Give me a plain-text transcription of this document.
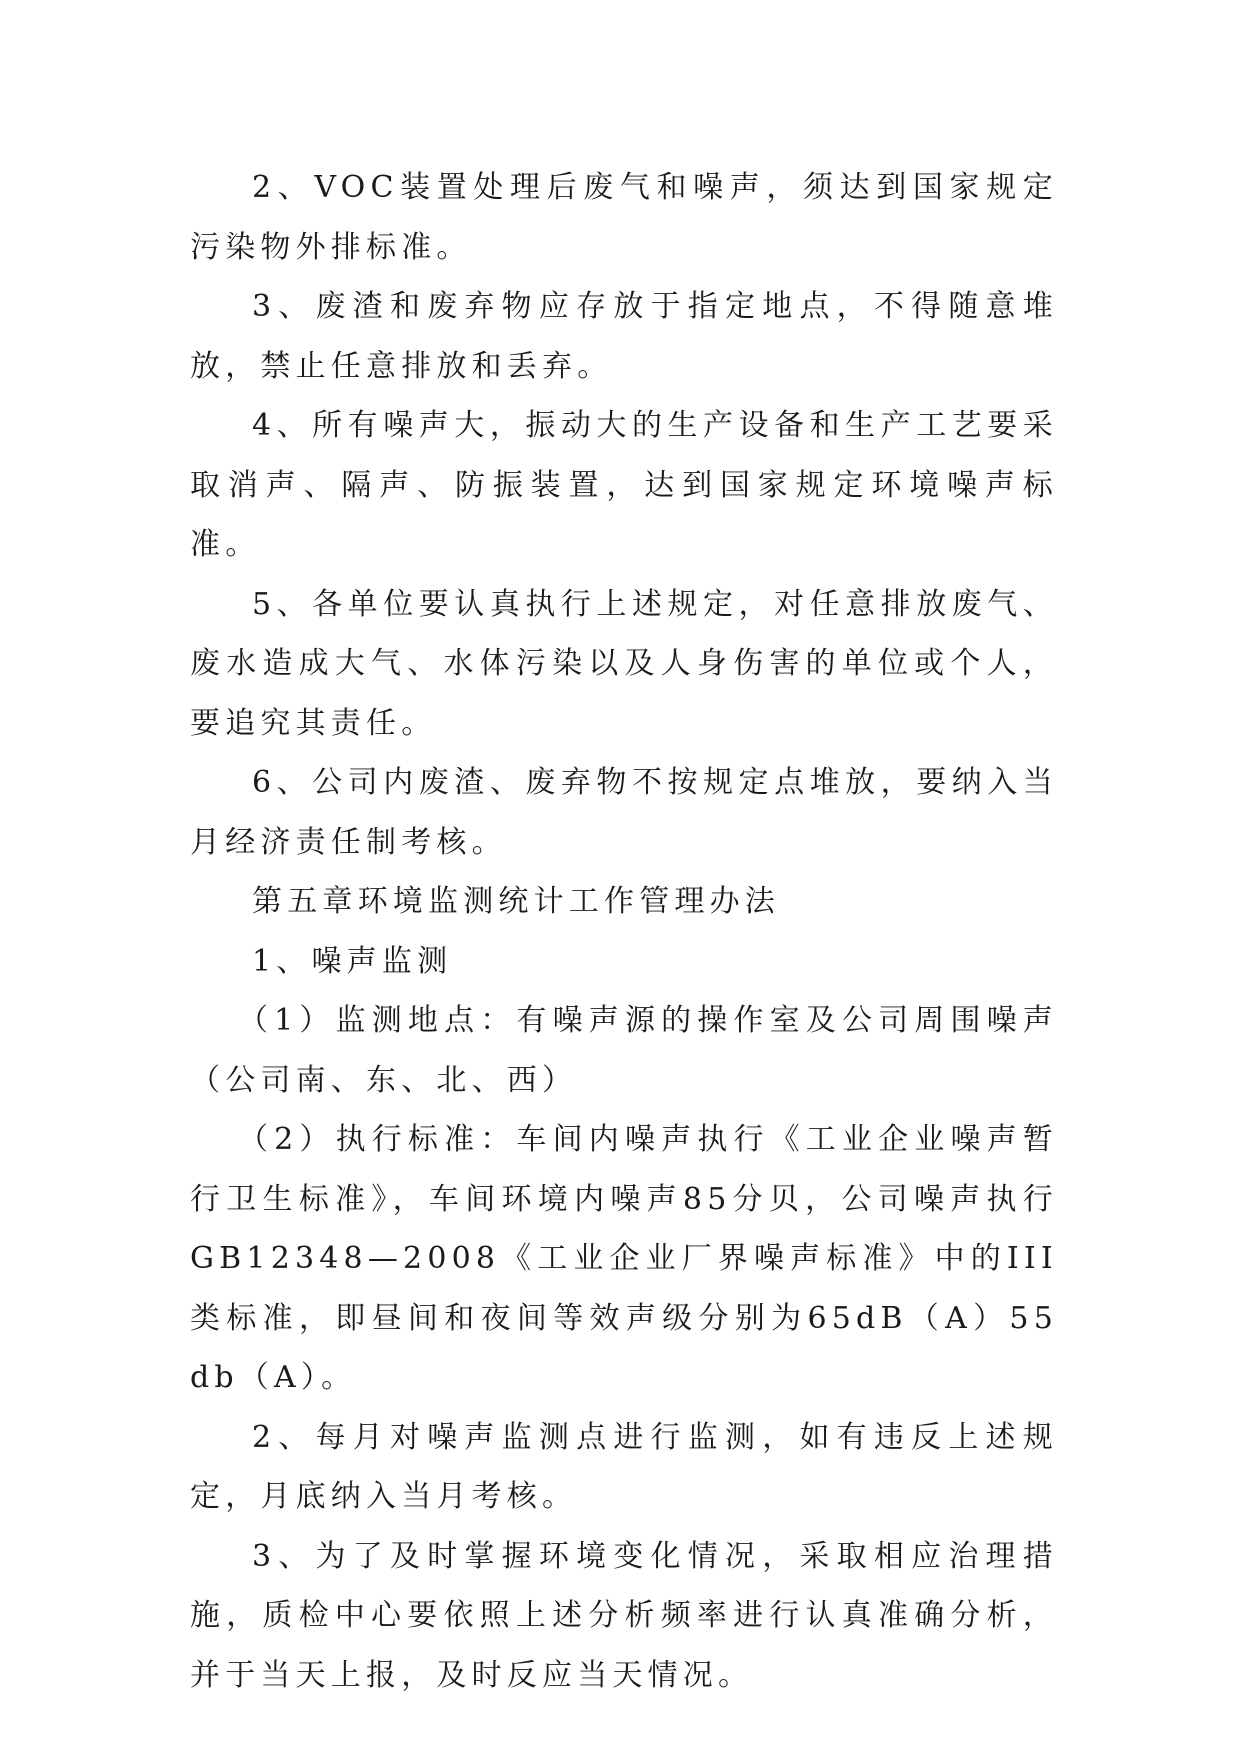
2、VOC装置处理后废气和噪声，须达到国家规定污染物外排标准。

3、废渣和废弃物应存放于指定地点，不得随意堆放，禁止任意排放和丢弃。

4、所有噪声大，振动大的生产设备和生产工艺要采取消声、隔声、防振装置，达到国家规定环境噪声标准。

5、各单位要认真执行上述规定，对任意排放废气、废水造成大气、水体污染以及人身伤害的单位或个人，要追究其责任。

6、公司内废渣、废弃物不按规定点堆放，要纳入当月经济责任制考核。

第五章环境监测统计工作管理办法

1、噪声监测

（1）监测地点：有噪声源的操作室及公司周围噪声（公司南、东、北、西）

（2）执行标准：车间内噪声执行《工业企业噪声暂行卫生标准》，车间环境内噪声85分贝，公司噪声执行GB12348—2008《工业企业厂界噪声标准》中的III类标准，即昼间和夜间等效声级分别为65dB（A）55db（A）。

2、每月对噪声监测点进行监测，如有违反上述规定，月底纳入当月考核。

3、为了及时掌握环境变化情况，采取相应治理措施，质检中心要依照上述分析频率进行认真准确分析，并于当天上报，及时反应当天情况。
